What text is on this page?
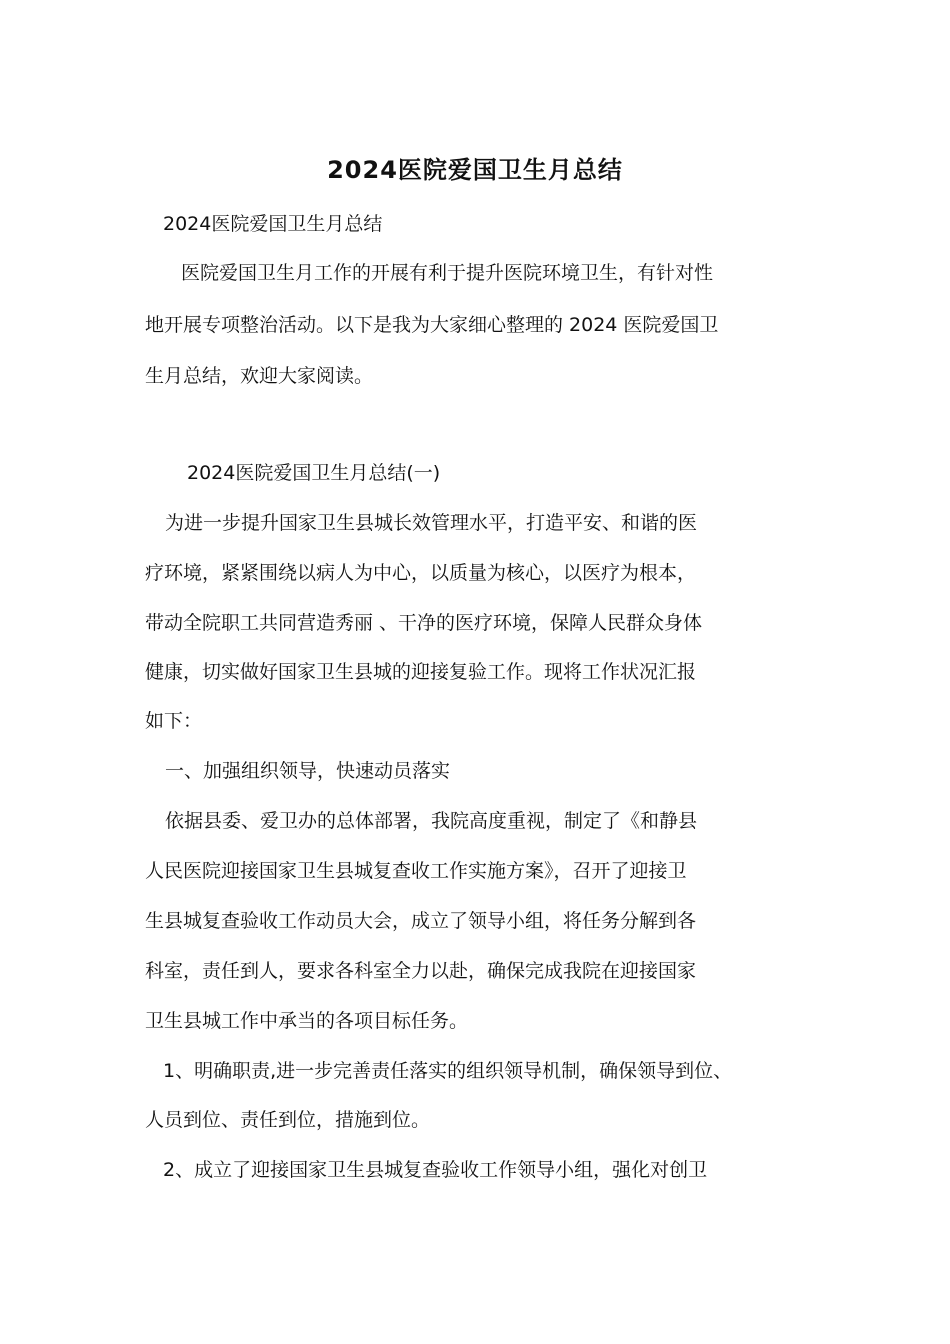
2024医院爱国卫生月总结
2024医院爱国卫生月总结
医院爱国卫生月工作的开展有利于提升医院环境卫生，有针对性
地开展专项整治活动。以下是我为大家细心整理的 2024 医院爱国卫
生月总结，欢迎大家阅读。
2024医院爱国卫生月总结(一)
为进一步提升国家卫生县城长效管理水平，打造平安、和谐的医
疗环境，紧紧围绕以病人为中心，以质量为核心，以医疗为根本，
带动全院职工共同营造秀丽 、干净的医疗环境，保障人民群众身体
健康，切实做好国家卫生县城的迎接复验工作。现将工作状况汇报
如下：
一、加强组织领导，快速动员落实
依据县委、爱卫办的总体部署，我院高度重视，制定了《和静县
人民医院迎接国家卫生县城复查收工作实施方案》，召开了迎接卫
生县城复查验收工作动员大会，成立了领导小组，将任务分解到各
科室，责任到人，要求各科室全力以赴，确保完成我院在迎接国家
卫生县城工作中承当的各项目标任务。
1、明确职责,进一步完善责任落实的组织领导机制，确保领导到位、
人员到位、责任到位，措施到位。
2、成立了迎接国家卫生县城复查验收工作领导小组，强化对创卫
